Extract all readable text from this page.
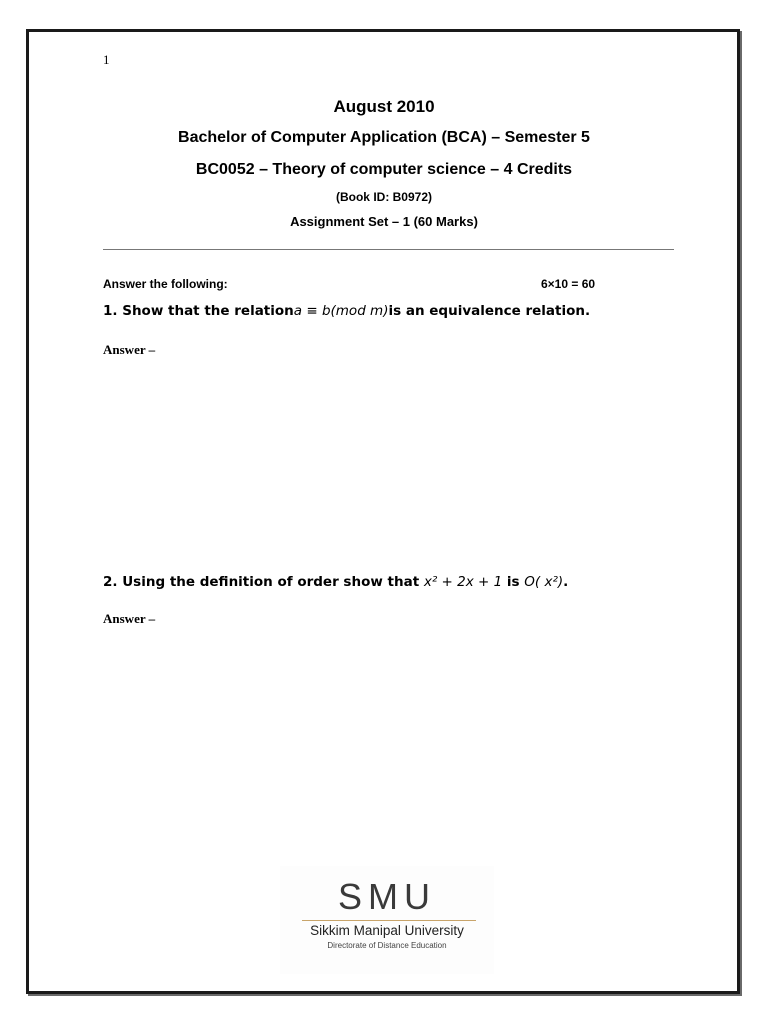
1
August 2010
Bachelor of Computer Application (BCA) – Semester 5
BC0052 – Theory of computer science – 4 Credits
(Book ID: B0972)
Assignment Set – 1 (60 Marks)
Answer the following:	6×10 = 60
1. Show that the relationa ≡ b(mod m)is an equivalence relation.
Answer –
2. Using the definition of order show that x² + 2x + 1 is O( x²).
Answer –
SMU
Sikkim Manipal University
Directorate of Distance Education
